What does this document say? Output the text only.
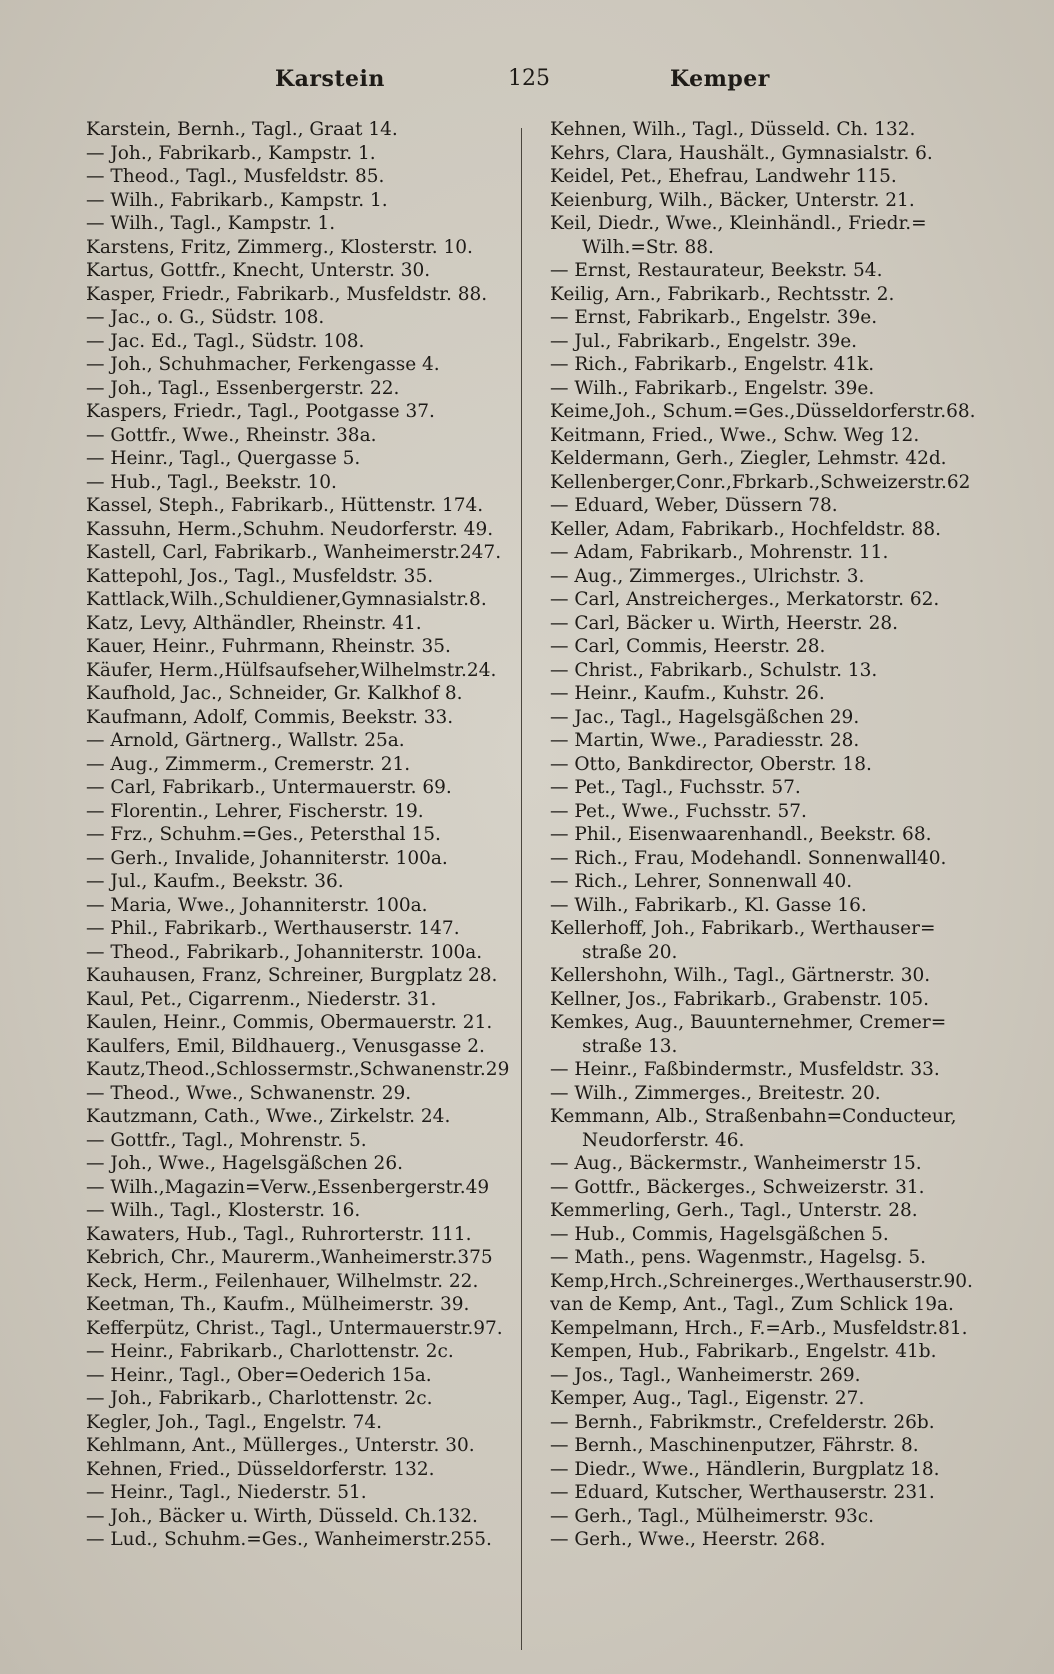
Karstein	125	Kemper
Karstein, Bernh., Tagl., Graat 14.
— Joh., Fabrikarb., Kampstr. 1.
— Theod., Tagl., Musfeldstr. 85.
— Wilh., Fabrikarb., Kampstr. 1.
— Wilh., Tagl., Kampstr. 1.
Karstens, Fritz, Zimmerg., Klosterstr. 10.
Kartus, Gottfr., Knecht, Unterstr. 30.
Kasper, Friedr., Fabrikarb., Musfeldstr. 88.
— Jac., o. G., Südstr. 108.
— Jac. Ed., Tagl., Südstr. 108.
— Joh., Schuhmacher, Ferkengasse 4.
— Joh., Tagl., Essenbergerstr. 22.
Kaspers, Friedr., Tagl., Pootgasse 37.
— Gottfr., Wwe., Rheinstr. 38a.
— Heinr., Tagl., Quergasse 5.
— Hub., Tagl., Beekstr. 10.
Kassel, Steph., Fabrikarb., Hüttenstr. 174.
Kassuhn, Herm.,Schuhm. Neudorferstr. 49.
Kastell, Carl, Fabrikarb., Wanheimerstr.247.
Kattepohl, Jos., Tagl., Musfeldstr. 35.
Kattlack,Wilh.,Schuldiener,Gymnasialstr.8.
Katz, Levy, Althändler, Rheinstr. 41.
Kauer, Heinr., Fuhrmann, Rheinstr. 35.
Käufer, Herm.,Hülfsaufseher,Wilhelmstr.24.
Kaufhold, Jac., Schneider, Gr. Kalkhof 8.
Kaufmann, Adolf, Commis, Beekstr. 33.
— Arnold, Gärtnerg., Wallstr. 25a.
— Aug., Zimmerm., Cremerstr. 21.
— Carl, Fabrikarb., Untermauerstr. 69.
— Florentin., Lehrer, Fischerstr. 19.
— Frz., Schuhm.=Ges., Petersthal 15.
— Gerh., Invalide, Johanniterstr. 100a.
— Jul., Kaufm., Beekstr. 36.
— Maria, Wwe., Johanniterstr. 100a.
— Phil., Fabrikarb., Werthauserstr. 147.
— Theod., Fabrikarb., Johanniterstr. 100a.
Kauhausen, Franz, Schreiner, Burgplatz 28.
Kaul, Pet., Cigarrenm., Niederstr. 31.
Kaulen, Heinr., Commis, Obermauerstr. 21.
Kaulfers, Emil, Bildhauerg., Venusgasse 2.
Kautz,Theod.,Schlossermstr.,Schwanenstr.29
— Theod., Wwe., Schwanenstr. 29.
Kautzmann, Cath., Wwe., Zirkelstr. 24.
— Gottfr., Tagl., Mohrenstr. 5.
— Joh., Wwe., Hagelsgäßchen 26.
— Wilh.,Magazin=Verw.,Essenbergerstr.49
— Wilh., Tagl., Klosterstr. 16.
Kawaters, Hub., Tagl., Ruhrorterstr. 111.
Kebrich, Chr., Maurerm.,Wanheimerstr.375
Keck, Herm., Feilenhauer, Wilhelmstr. 22.
Keetman, Th., Kaufm., Mülheimerstr. 39.
Kefferpütz, Christ., Tagl., Untermauerstr.97.
— Heinr., Fabrikarb., Charlottenstr. 2c.
— Heinr., Tagl., Ober=Oederich 15a.
— Joh., Fabrikarb., Charlottenstr. 2c.
Kegler, Joh., Tagl., Engelstr. 74.
Kehlmann, Ant., Müllerges., Unterstr. 30.
Kehnen, Fried., Düsseldorferstr. 132.
— Heinr., Tagl., Niederstr. 51.
— Joh., Bäcker u. Wirth, Düsseld. Ch.132.
— Lud., Schuhm.=Ges., Wanheimerstr.255.
Kehnen, Wilh., Tagl., Düsseld. Ch. 132.
Kehrs, Clara, Haushält., Gymnasialstr. 6.
Keidel, Pet., Ehefrau, Landwehr 115.
Keienburg, Wilh., Bäcker, Unterstr. 21.
Keil, Diedr., Wwe., Kleinhändl., Friedr.=
Wilh.=Str. 88.
— Ernst, Restaurateur, Beekstr. 54.
Keilig, Arn., Fabrikarb., Rechtsstr. 2.
— Ernst, Fabrikarb., Engelstr. 39e.
— Jul., Fabrikarb., Engelstr. 39e.
— Rich., Fabrikarb., Engelstr. 41k.
— Wilh., Fabrikarb., Engelstr. 39e.
Keime,Joh., Schum.=Ges.,Düsseldorferstr.68.
Keitmann, Fried., Wwe., Schw. Weg 12.
Keldermann, Gerh., Ziegler, Lehmstr. 42d.
Kellenberger,Conr.,Fbrkarb.,Schweizerstr.62
— Eduard, Weber, Düssern 78.
Keller, Adam, Fabrikarb., Hochfeldstr. 88.
— Adam, Fabrikarb., Mohrenstr. 11.
— Aug., Zimmerges., Ulrichstr. 3.
— Carl, Anstreicherges., Merkatorstr. 62.
— Carl, Bäcker u. Wirth, Heerstr. 28.
— Carl, Commis, Heerstr. 28.
— Christ., Fabrikarb., Schulstr. 13.
— Heinr., Kaufm., Kuhstr. 26.
— Jac., Tagl., Hagelsgäßchen 29.
— Martin, Wwe., Paradiesstr. 28.
— Otto, Bankdirector, Oberstr. 18.
— Pet., Tagl., Fuchsstr. 57.
— Pet., Wwe., Fuchsstr. 57.
— Phil., Eisenwaarenhandl., Beekstr. 68.
— Rich., Frau, Modehandl. Sonnenwall40.
— Rich., Lehrer, Sonnenwall 40.
— Wilh., Fabrikarb., Kl. Gasse 16.
Kellerhoff, Joh., Fabrikarb., Werthauser=
straße 20.
Kellershohn, Wilh., Tagl., Gärtnerstr. 30.
Kellner, Jos., Fabrikarb., Grabenstr. 105.
Kemkes, Aug., Bauunternehmer, Cremer=
straße 13.
— Heinr., Faßbindermstr., Musfeldstr. 33.
— Wilh., Zimmerges., Breitestr. 20.
Kemmann, Alb., Straßenbahn=Conducteur,
Neudorferstr. 46.
— Aug., Bäckermstr., Wanheimerstr 15.
— Gottfr., Bäckerges., Schweizerstr. 31.
Kemmerling, Gerh., Tagl., Unterstr. 28.
— Hub., Commis, Hagelsgäßchen 5.
— Math., pens. Wagenmstr., Hagelsg. 5.
Kemp,Hrch.,Schreinerges.,Werthauserstr.90.
van de Kemp, Ant., Tagl., Zum Schlick 19a.
Kempelmann, Hrch., F.=Arb., Musfeldstr.81.
Kempen, Hub., Fabrikarb., Engelstr. 41b.
— Jos., Tagl., Wanheimerstr. 269.
Kemper, Aug., Tagl., Eigenstr. 27.
— Bernh., Fabrikmstr., Crefelderstr. 26b.
— Bernh., Maschinenputzer, Fährstr. 8.
— Diedr., Wwe., Händlerin, Burgplatz 18.
— Eduard, Kutscher, Werthauserstr. 231.
— Gerh., Tagl., Mülheimerstr. 93c.
— Gerh., Wwe., Heerstr. 268.
